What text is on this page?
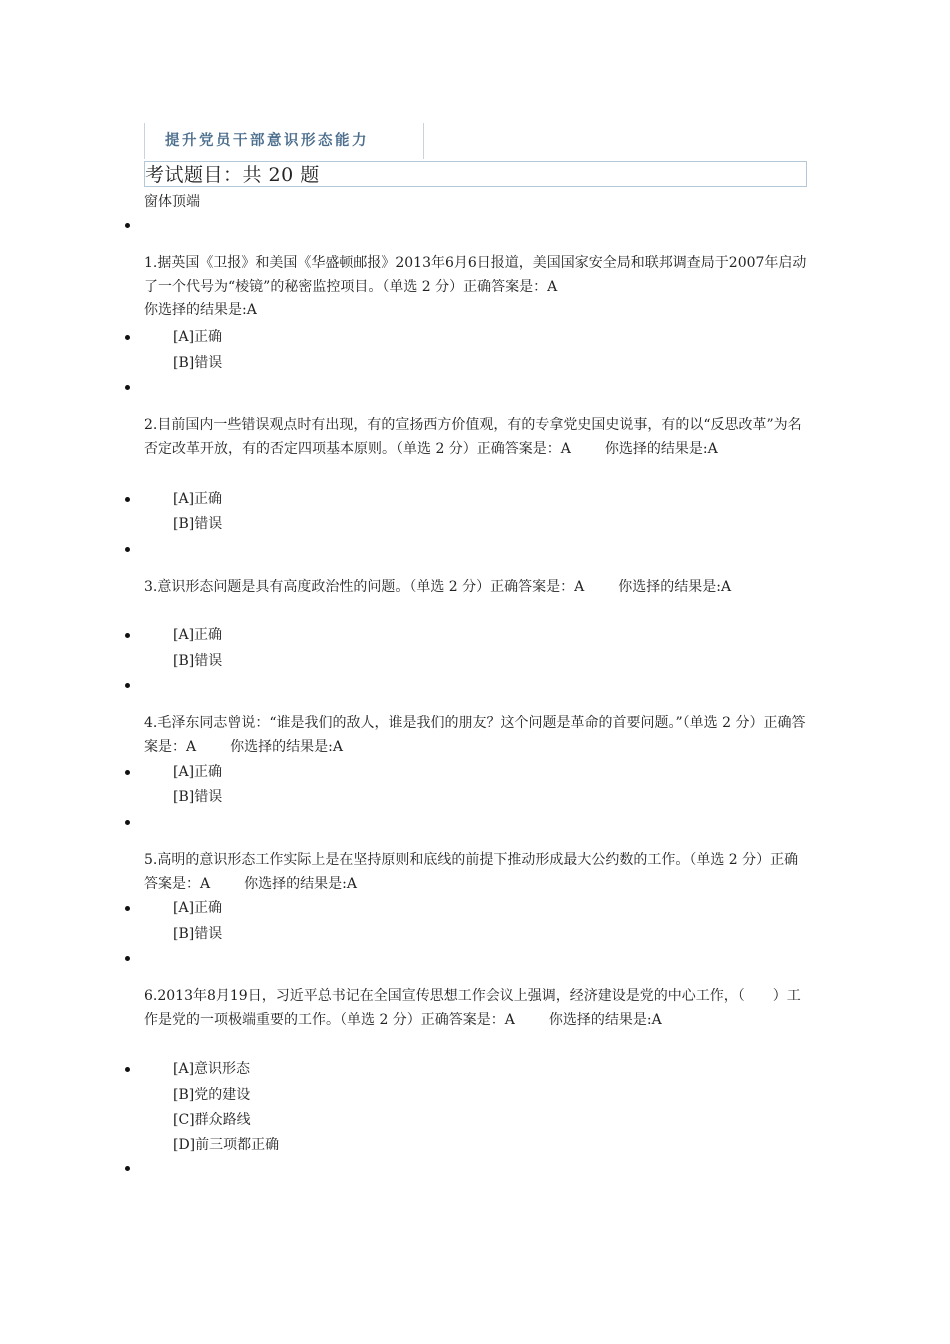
提升党员干部意识形态能力
考试题目：共 20 题
窗体顶端
1.据英国《卫报》和美国《华盛顿邮报》2013年6月6日报道，美国国家安全局和联邦调查局于2007年启动了一个代号为“棱镜”的秘密监控项目。（单选 2 分）正确答案是：A
你选择的结果是:A
[A]正确
[B]错误
2.目前国内一些错误观点时有出现，有的宣扬西方价值观，有的专拿党史国史说事，有的以“反思改革”为名否定改革开放，有的否定四项基本原则。（单选 2 分）正确答案是：A 你选择的结果是:A
[A]正确
[B]错误
3.意识形态问题是具有高度政治性的问题。（单选 2 分）正确答案是：A 你选择的结果是:A
[A]正确
[B]错误
4.毛泽东同志曾说：“谁是我们的敌人，谁是我们的朋友？这个问题是革命的首要问题。”（单选 2 分）正确答案是：A 你选择的结果是:A
[A]正确
[B]错误
5.高明的意识形态工作实际上是在坚持原则和底线的前提下推动形成最大公约数的工作。（单选 2 分）正确答案是：A 你选择的结果是:A
[A]正确
[B]错误
6.2013年8月19日，习近平总书记在全国宣传思想工作会议上强调，经济建设是党的中心工作，（　　）工作是党的一项极端重要的工作。（单选 2 分）正确答案是：A 你选择的结果是:A
[A]意识形态
[B]党的建设
[C]群众路线
[D]前三项都正确
